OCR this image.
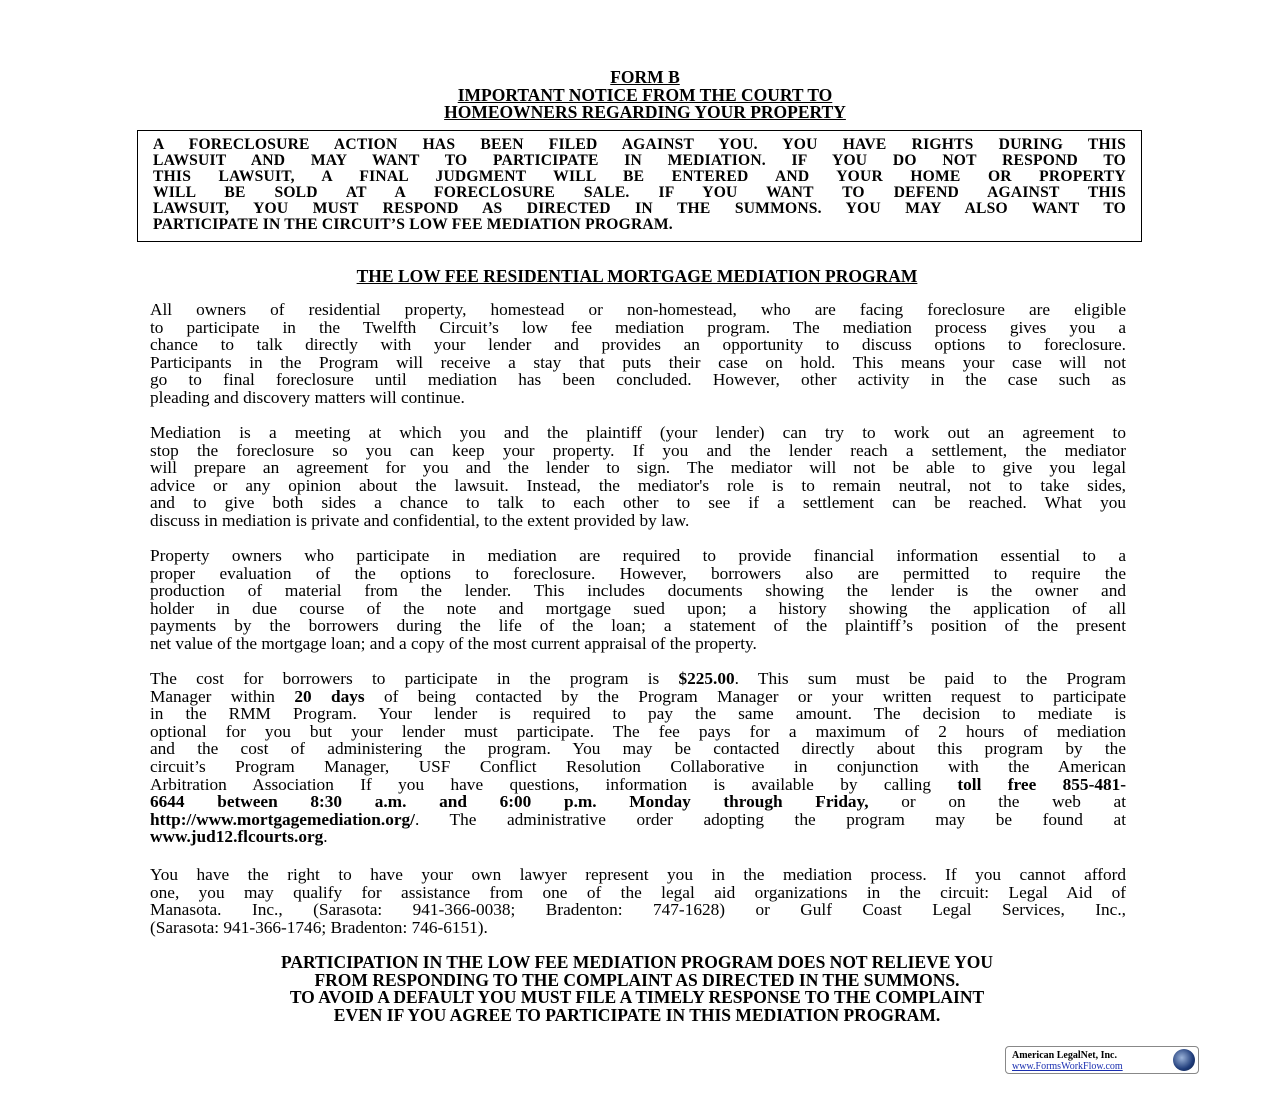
FORM B
IMPORTANT NOTICE FROM THE COURT TO
HOMEOWNERS REGARDING YOUR PROPERTY
A FORECLOSURE ACTION HAS BEEN FILED AGAINST YOU. YOU HAVE RIGHTS DURING THIS
LAWSUIT AND MAY WANT TO PARTICIPATE IN MEDIATION. IF YOU DO NOT RESPOND TO
THIS LAWSUIT, A FINAL JUDGMENT WILL BE ENTERED AND YOUR HOME OR PROPERTY
WILL BE SOLD AT A FORECLOSURE SALE. IF YOU WANT TO DEFEND AGAINST THIS
LAWSUIT, YOU MUST RESPOND AS DIRECTED IN THE SUMMONS. YOU MAY ALSO WANT TO
PARTICIPATE IN THE CIRCUIT’S LOW FEE MEDIATION PROGRAM.
THE LOW FEE RESIDENTIAL MORTGAGE MEDIATION PROGRAM
All owners of residential property, homestead or non-homestead, who are facing foreclosure are eligible
to participate in the Twelfth Circuit’s low fee mediation program. The mediation process gives you a
chance to talk directly with your lender and provides an opportunity to discuss options to foreclosure.
Participants in the Program will receive a stay that puts their case on hold. This means your case will not
go to final foreclosure until mediation has been concluded. However, other activity in the case such as
pleading and discovery matters will continue.
Mediation is a meeting at which you and the plaintiff (your lender) can try to work out an agreement to
stop the foreclosure so you can keep your property. If you and the lender reach a settlement, the mediator
will prepare an agreement for you and the lender to sign. The mediator will not be able to give you legal
advice or any opinion about the lawsuit. Instead, the mediator's role is to remain neutral, not to take sides,
and to give both sides a chance to talk to each other to see if a settlement can be reached. What you
discuss in mediation is private and confidential, to the extent provided by law.
Property owners who participate in mediation are required to provide financial information essential to a
proper evaluation of the options to foreclosure. However, borrowers also are permitted to require the
production of material from the lender. This includes documents showing the lender is the owner and
holder in due course of the note and mortgage sued upon; a history showing the application of all
payments by the borrowers during the life of the loan; a statement of the plaintiff’s position of the present
net value of the mortgage loan; and a copy of the most current appraisal of the property.
The cost for borrowers to participate in the program is $225.00. This sum must be paid to the Program
Manager within 20 days of being contacted by the Program Manager or your written request to participate
in the RMM Program. Your lender is required to pay the same amount. The decision to mediate is
optional for you but your lender must participate. The fee pays for a maximum of 2 hours of mediation
and the cost of administering the program. You may be contacted directly about this program by the
circuit’s Program Manager, USF Conflict Resolution Collaborative in conjunction with the American
Arbitration Association If you have questions, information is available by calling toll free 855-481-
6644 between 8:30 a.m. and 6:00 p.m. Monday through Friday, or on the web at
http://www.mortgagemediation.org/. The administrative order adopting the program may be found at
www.jud12.flcourts.org.
You have the right to have your own lawyer represent you in the mediation process. If you cannot afford
one, you may qualify for assistance from one of the legal aid organizations in the circuit: Legal Aid of
Manasota. Inc., (Sarasota: 941-366-0038; Bradenton: 747-1628) or Gulf Coast Legal Services, Inc.,
(Sarasota: 941-366-1746; Bradenton: 746-6151).
PARTICIPATION IN THE LOW FEE MEDIATION PROGRAM DOES NOT RELIEVE YOU
FROM RESPONDING TO THE COMPLAINT AS DIRECTED IN THE SUMMONS.
TO AVOID A DEFAULT YOU MUST FILE A TIMELY RESPONSE TO THE COMPLAINT
EVEN IF YOU AGREE TO PARTICIPATE IN THIS MEDIATION PROGRAM.
American LegalNet, Inc.
www.FormsWorkFlow.com
